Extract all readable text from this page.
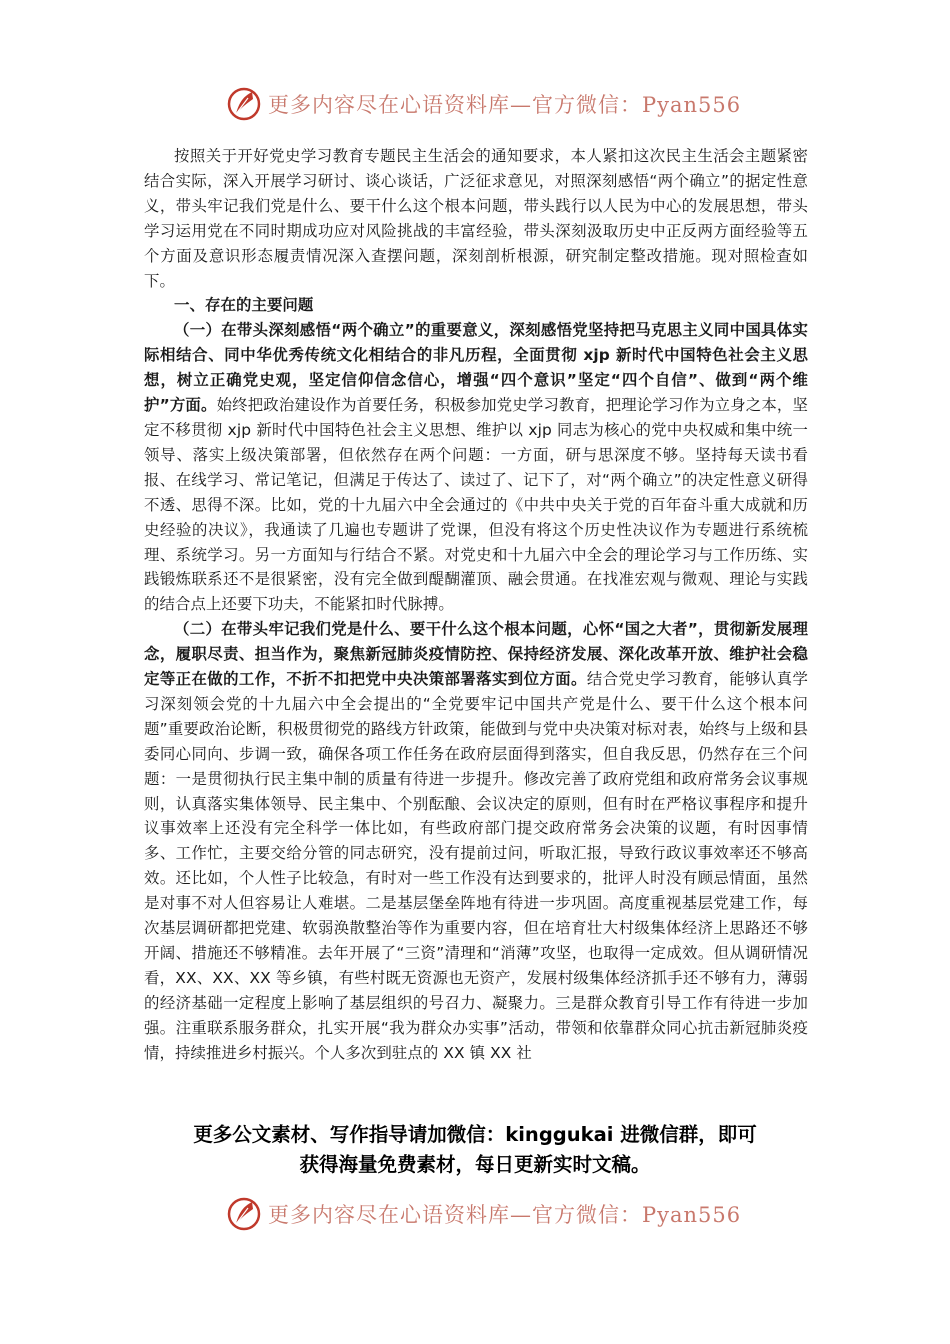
更多内容尽在心语资料库—官方微信：Pyan556

按照关于开好党史学习教育专题民主生活会的通知要求，本人紧扣这次民主生活会主题紧密结合实际，深入开展学习研讨、谈心谈话，广泛征求意见，对照深刻感悟“两个确立”的据定性意义，带头牢记我们党是什么、要干什么这个根本问题，带头践行以人民为中心的发展思想，带头学习运用党在不同时期成功应对风险挑战的丰富经验，带头深刻汲取历史中正反两方面经验等五个方面及意识形态履责情况深入查摆问题，深刻剖析根源，研究制定整改措施。现对照检查如下。

一、存在的主要问题

（一）在带头深刻感悟“两个确立”的重要意义，深刻感悟党坚持把马克思主义同中国具体实际相结合、同中华优秀传统文化相结合的非凡历程，全面贯彻 xjp 新时代中国特色社会主义思想，树立正确党史观，坚定信仰信念信心，增强“四个意识”坚定“四个自信”、做到“两个维护”方面。始终把政治建设作为首要任务，积极参加党史学习教育，把理论学习作为立身之本，坚定不移贯彻 xjp 新时代中国特色社会主义思想、维护以 xjp 同志为核心的党中央权威和集中统一领导、落实上级决策部署，但依然存在两个问题：一方面，研与思深度不够。坚持每天读书看报、在线学习、常记笔记，但满足于传达了、读过了、记下了，对“两个确立”的决定性意义研得不透、思得不深。比如，党的十九届六中全会通过的《中共中央关于党的百年奋斗重大成就和历史经验的决议》，我通读了几遍也专题讲了党课，但没有将这个历史性决议作为专题进行系统梳理、系统学习。另一方面知与行结合不紧。对党史和十九届六中全会的理论学习与工作历练、实践锻炼联系还不是很紧密，没有完全做到醍醐灌顶、融会贯通。在找准宏观与微观、理论与实践的结合点上还要下功夫，不能紧扣时代脉搏。

（二）在带头牢记我们党是什么、要干什么这个根本问题，心怀“国之大者”，贯彻新发展理念，履职尽责、担当作为，聚焦新冠肺炎疫情防控、保持经济发展、深化改革开放、维护社会稳定等正在做的工作，不折不扣把党中央决策部署落实到位方面。结合党史学习教育，能够认真学习深刻领会党的十九届六中全会提出的“全党要牢记中国共产党是什么、要干什么这个根本问题”重要政治论断，积极贯彻党的路线方针政策，能做到与党中央决策对标对表，始终与上级和县委同心同向、步调一致，确保各项工作任务在政府层面得到落实，但自我反思，仍然存在三个问题：一是贯彻执行民主集中制的质量有待进一步提升。修改完善了政府党组和政府常务会议事规则，认真落实集体领导、民主集中、个别酝酿、会议决定的原则，但有时在严格议事程序和提升议事效率上还没有完全科学一体比如，有些政府部门提交政府常务会决策的议题，有时因事情多、工作忙，主要交给分管的同志研究，没有提前过问，听取汇报，导致行政议事效率还不够高效。还比如，个人性子比较急，有时对一些工作没有达到要求的，批评人时没有顾忌情面，虽然是对事不对人但容易让人难堪。二是基层堡垒阵地有待进一步巩固。高度重视基层党建工作，每次基层调研都把党建、软弱涣散整治等作为重要内容，但在培育壮大村级集体经济上思路还不够开阔、措施还不够精准。去年开展了“三资”清理和“消薄”攻坚，也取得一定成效。但从调研情况看，XX、XX、XX 等乡镇，有些村既无资源也无资产，发展村级集体经济抓手还不够有力，薄弱的经济基础一定程度上影响了基层组织的号召力、凝聚力。三是群众教育引导工作有待进一步加强。注重联系服务群众，扎实开展“我为群众办实事”活动，带领和依靠群众同心抗击新冠肺炎疫情，持续推进乡村振兴。个人多次到驻点的 XX 镇 XX 社

更多公文素材、写作指导请加微信：kinggukai 进微信群，即可
获得海量免费素材，每日更新实时文稿。
更多内容尽在心语资料库—官方微信：Pyan556
